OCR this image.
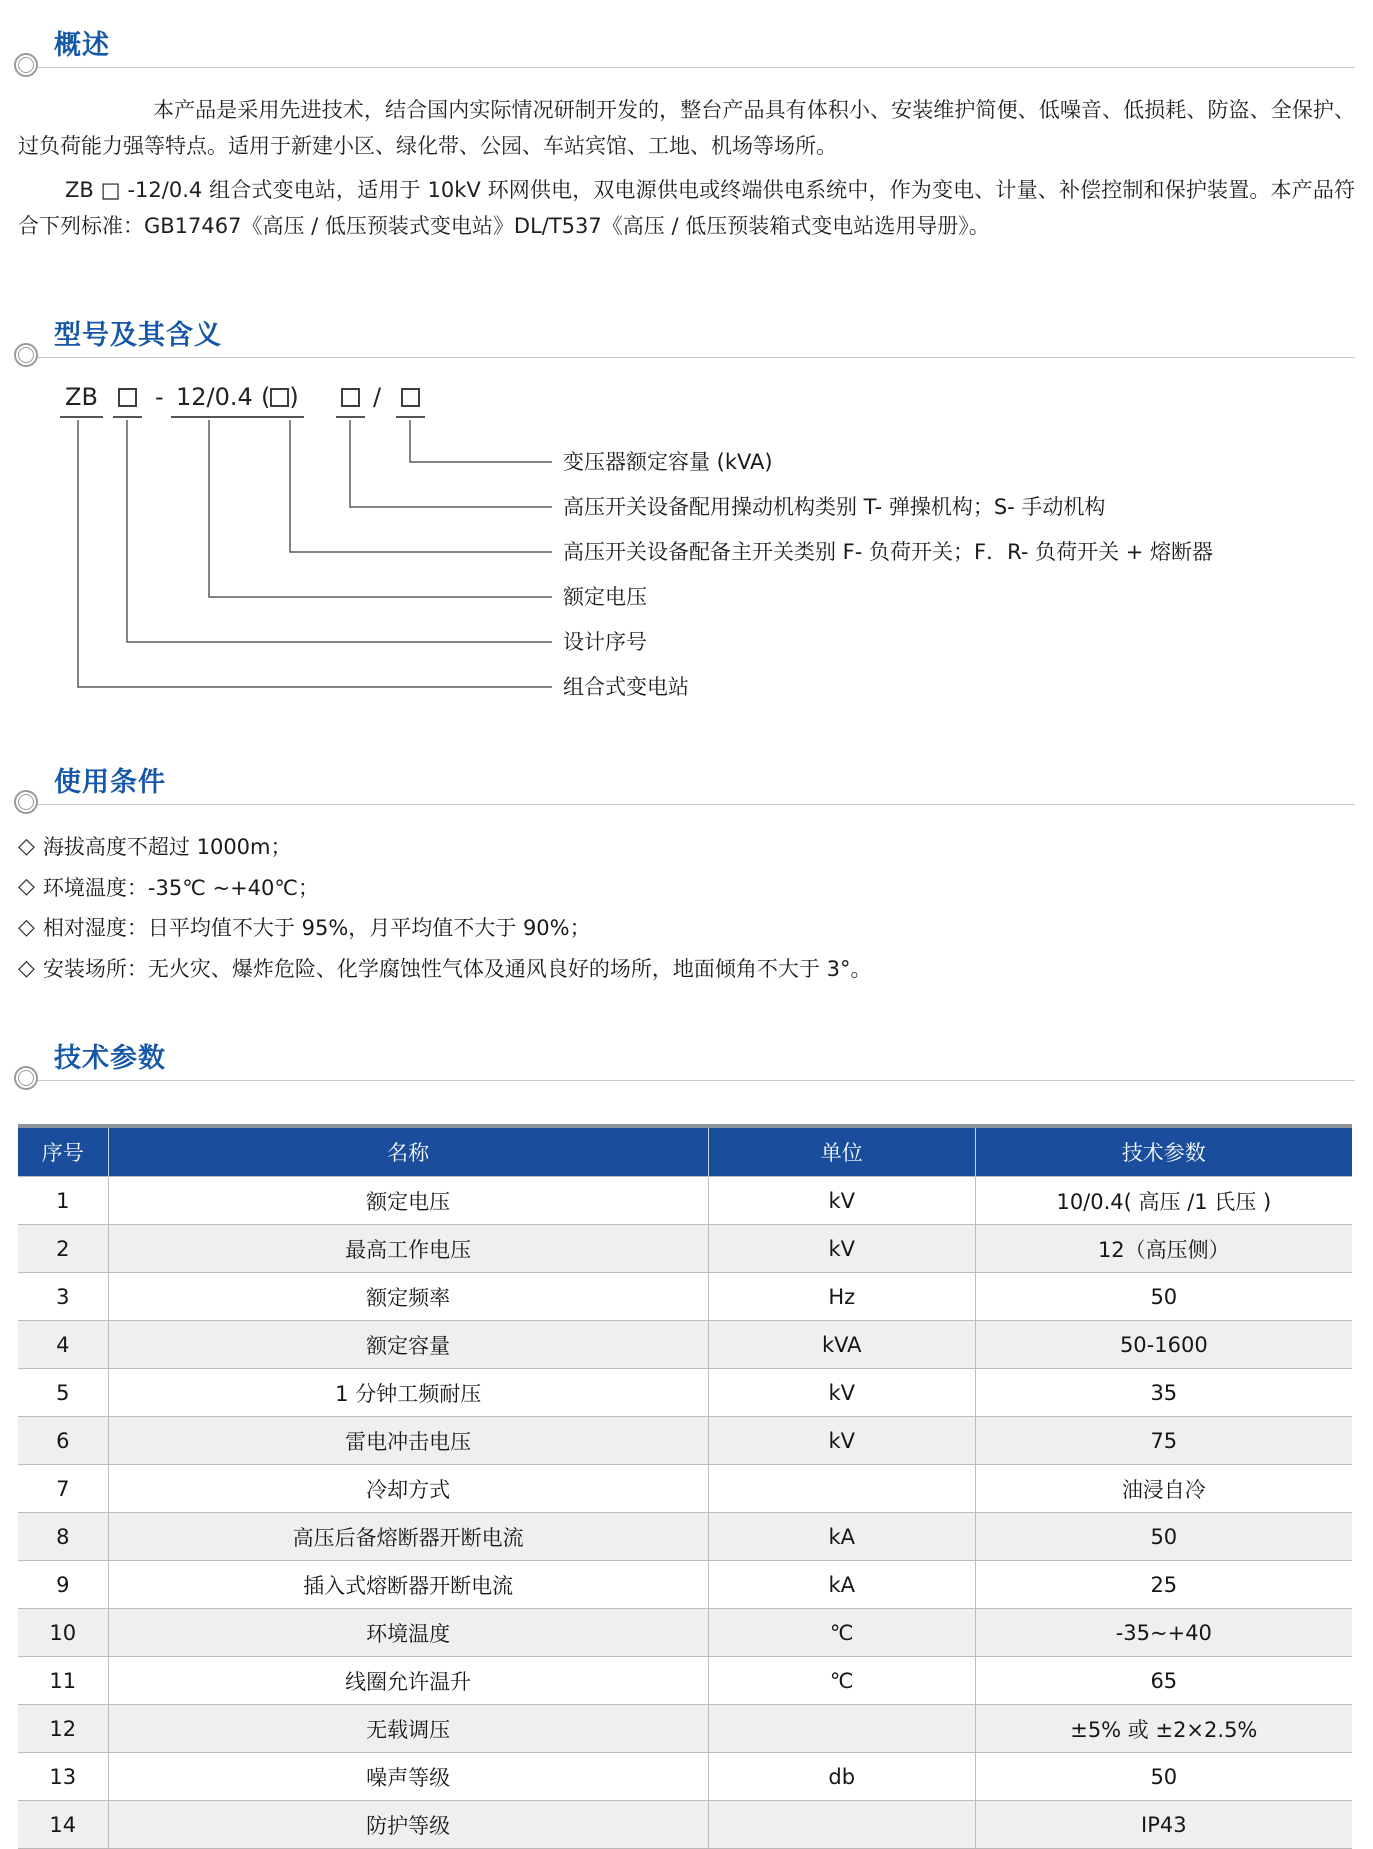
概述

本产品是采用先进技术，结合国内实际情况研制开发的，整台产品具有体积小、安装维护简便、低噪音、低损耗、防盗、全保护、过负荷能力强等特点。适用于新建小区、绿化带、公园、车站宾馆、工地、机场等场所。

ZB □ -12/0.4 组合式变电站，适用于 10kV 环网供电，双电源供电或终端供电系统中，作为变电、计量、补偿控制和保护装置。本产品符合下列标准：GB17467《高压 / 低压预装式变电站》DL/T537《高压 / 低压预装箱式变电站选用导册》。

型号及其含义
ZB - 12/0.4 ( )	/
变压器额定容量 (kVA)
高压开关设备配用操动机构类别 T- 弹操机构；S- 手动机构
高压开关设备配备主开关类别 F- 负荷开关；F．R- 负荷开关 + 熔断器
额定电压
设计序号
组合式变电站
使用条件
◇ 海拔高度不超过 1000m；
◇ 环境温度：-35℃ ~+40℃；
◇ 相对湿度：日平均值不大于 95%，月平均值不大于 90%；
◇ 安装场所：无火灾、爆炸危险、化学腐蚀性气体及通风良好的场所，地面倾角不大于 3°。
技术参数
序号	名称	单位	技术参数
1	额定电压	kV	10/0.4( 高压 /1 氏压 )
2	最高工作电压	kV	12（高压侧）
3	额定频率	Hz	50
4	额定容量	kVA	50-1600
5	1 分钟工频耐压	kV	35
6	雷电冲击电压	kV	75
7	冷却方式		油浸自冷
8	高压后备熔断器开断电流	kA	50
9	插入式熔断器开断电流	kA	25
10	环境温度	℃	-35~+40
11	线圈允许温升	℃	65
12	无载调压		±5% 或 ±2×2.5%
13	噪声等级	db	50
14	防护等级		IP43
